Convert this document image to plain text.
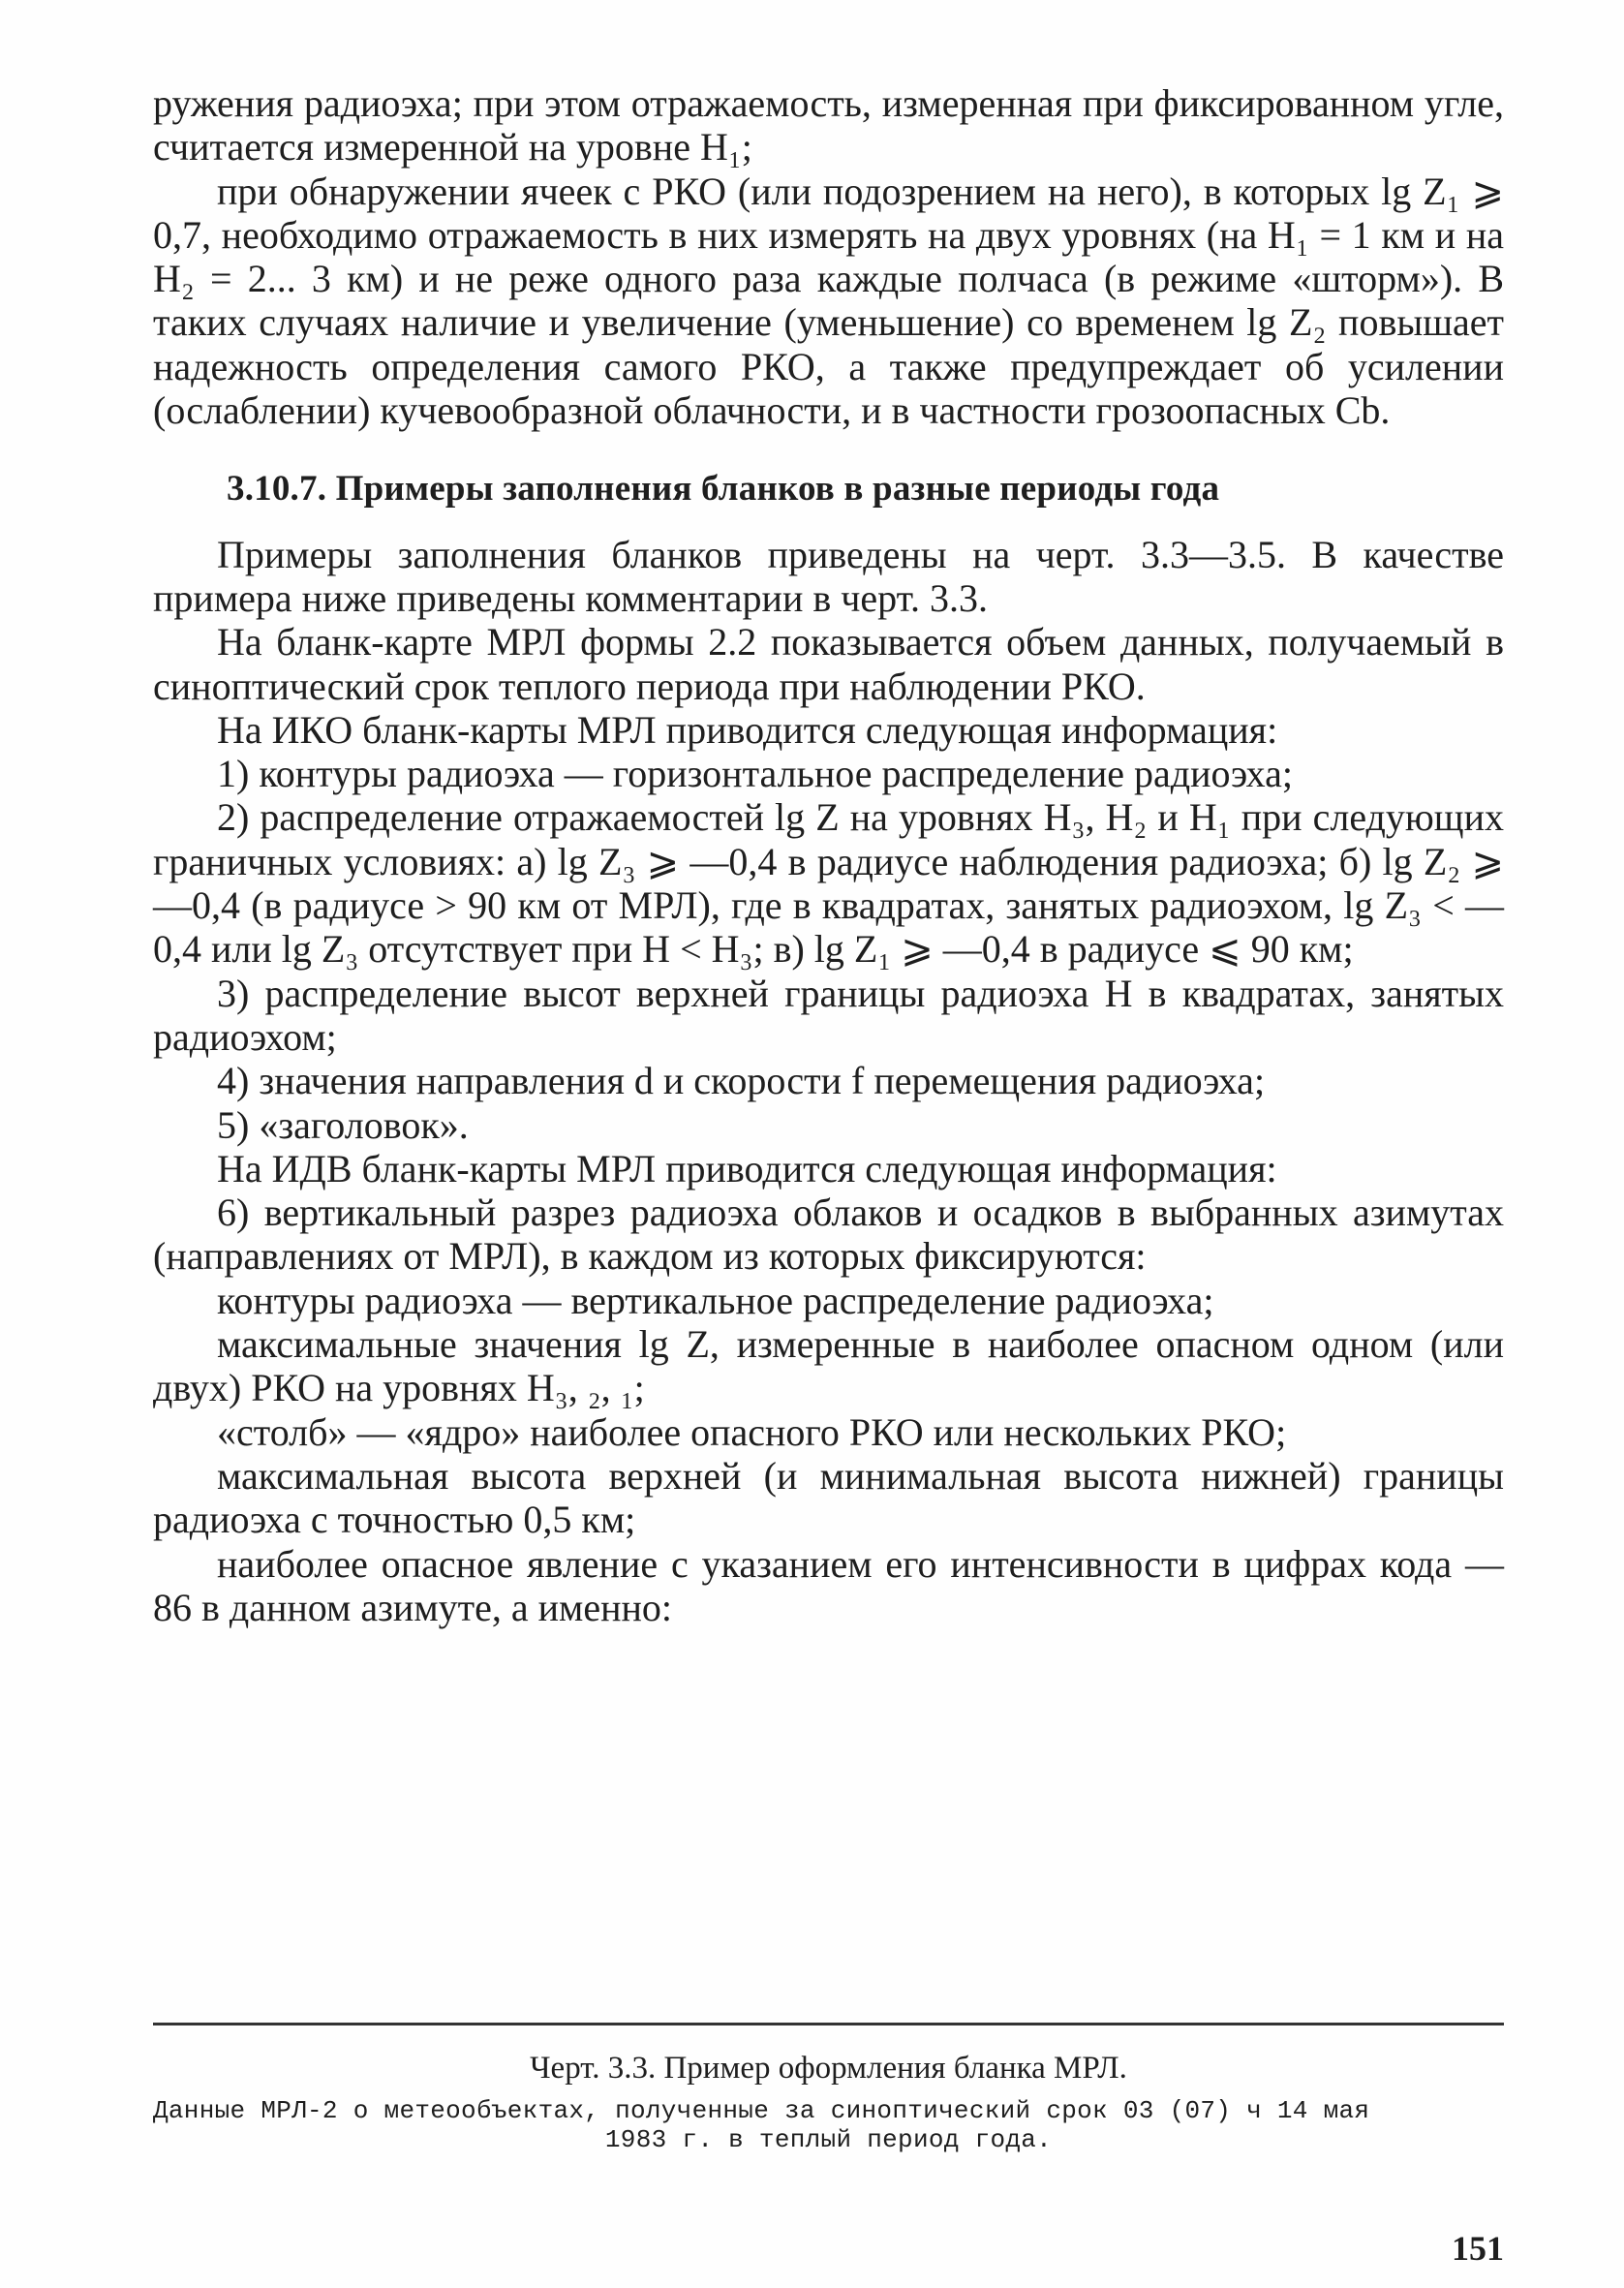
ружения радиоэха; при этом отражаемость, измеренная при фиксированном угле, считается измеренной на уровне H₁;

при обнаружении ячеек с РКО (или подозрением на него), в которых lg Z₁ ⩾ 0,7, необходимо отражаемость в них измерять на двух уровнях (на H₁ = 1 км и на H₂ = 2... 3 км) и не реже одного раза каждые полчаса (в режиме «шторм»). В таких случаях наличие и увеличение (уменьшение) со временем lg Z₂ повышает надежность определения самого РКО, а также предупреждает об усилении (ослаблении) кучевообразной облачности, и в частности грозоопасных Cb.

3.10.7. Примеры заполнения бланков в разные периоды года

Примеры заполнения бланков приведены на черт. 3.3—3.5. В качестве примера ниже приведены комментарии в черт. 3.3.

На бланк-карте МРЛ формы 2.2 показывается объем данных, получаемый в синоптический срок теплого периода при наблюдении РКО.

На ИКО бланк-карты МРЛ приводится следующая информация:

1) контуры радиоэха — горизонтальное распределение радиоэха;

2) распределение отражаемостей lg Z на уровнях H₃, H₂ и H₁ при следующих граничных условиях: а) lg Z₃ ⩾ —0,4 в радиусе наблюдения радиоэха; б) lg Z₂ ⩾ —0,4 (в радиусе > 90 км от МРЛ), где в квадратах, занятых радиоэхом, lg Z₃ < —0,4 или lg Z₃ отсутствует при H < H₃; в) lg Z₁ ⩾ —0,4 в радиусе ⩽ 90 км;

3) распределение высот верхней границы радиоэха H в квадратах, занятых радиоэхом;

4) значения направления d и скорости f перемещения радиоэха;

5) «заголовок».

На ИДВ бланк-карты МРЛ приводится следующая информация:

6) вертикальный разрез радиоэха облаков и осадков в выбранных азимутах (направлениях от МРЛ), в каждом из которых фиксируются:

контуры радиоэха — вертикальное распределение радиоэха;

максимальные значения lg Z, измеренные в наиболее опасном одном (или двух) РКО на уровнях H₃, ₂, ₁;

«столб» — «ядро» наиболее опасного РКО или нескольких РКО;

максимальная высота верхней (и минимальная высота нижней) границы радиоэха с точностью 0,5 км;

наиболее опасное явление с указанием его интенсивности в цифрах кода — 86 в данном азимуте, а именно:

Черт. 3.3. Пример оформления бланка МРЛ.
Данные МРЛ-2 о метеообъектах, полученные за синоптический срок 03 (07) ч 14 мая
1983 г. в теплый период года.
151
